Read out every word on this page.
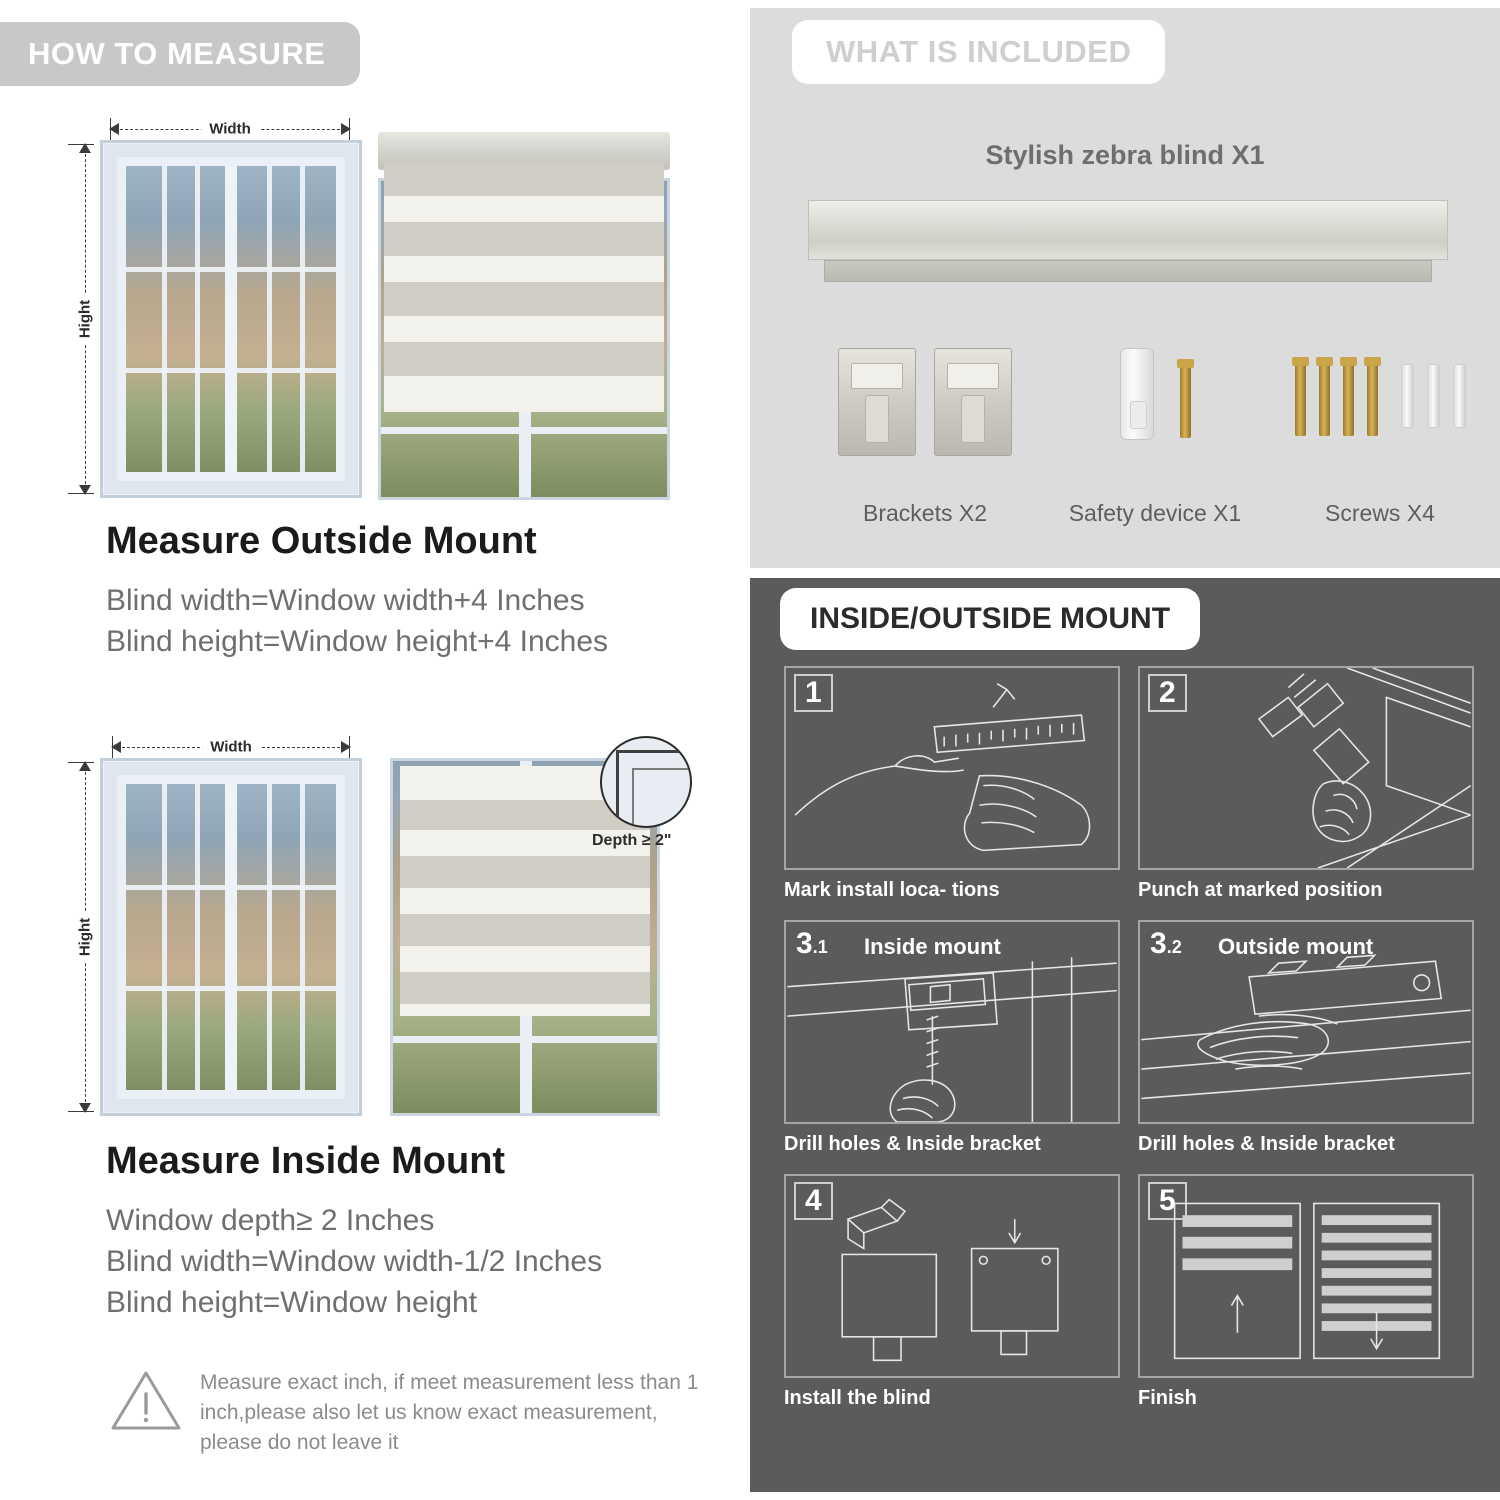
HOW TO MEASURE
Width
Hight

Measure Outside Mount

Blind width=Window width+4 Inches

Blind height=Window height+4 Inches

Width
Hight
Depth ≥ 2"

Measure Inside Mount

Window depth≥ 2 Inches

Blind width=Window width-1/2 Inches

Blind height=Window height

Measure exact inch, if meet measurement less than 1 inch,please also let us know exact measurement, please do not leave it
WHAT IS INCLUDED
Stylish zebra blind X1
Brackets X2	Safety device X1	Screws X4
INSIDE/OUTSIDE MOUNT
1
Mark install loca- tions
2
Punch at marked position
3.1 Inside mount
Drill holes & Inside bracket
3.2 Outside mount
Drill holes & Inside bracket
4
Install the blind
5
Finish
